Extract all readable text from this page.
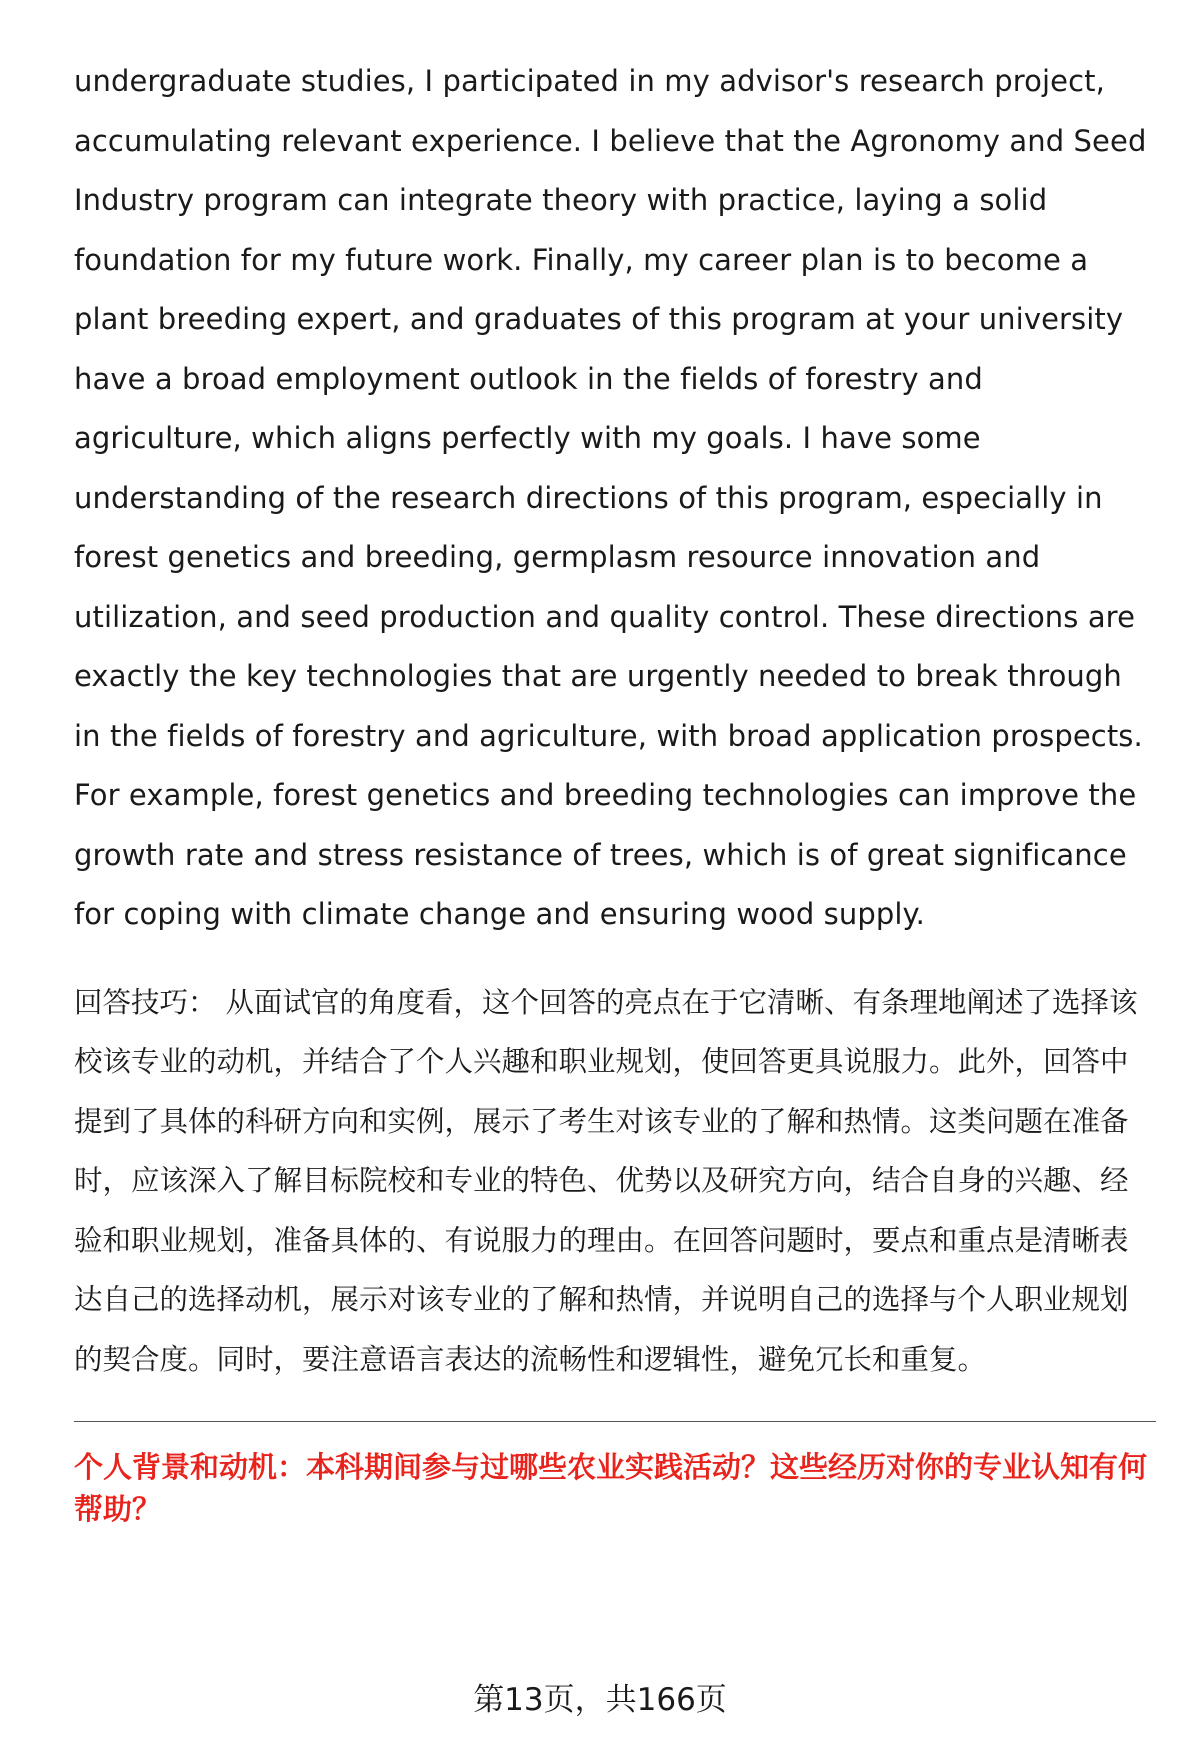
undergraduate studies, I participated in my advisor's research project, accumulating relevant experience. I believe that the Agronomy and Seed Industry program can integrate theory with practice, laying a solid foundation for my future work. Finally, my career plan is to become a plant breeding expert, and graduates of this program at your university have a broad employment outlook in the fields of forestry and agriculture, which aligns perfectly with my goals. I have some understanding of the research directions of this program, especially in forest genetics and breeding, germplasm resource innovation and utilization, and seed production and quality control. These directions are exactly the key technologies that are urgently needed to break through in the fields of forestry and agriculture, with broad application prospects. For example, forest genetics and breeding technologies can improve the growth rate and stress resistance of trees, which is of great significance for coping with climate change and ensuring wood supply.

回答技巧： 从面试官的角度看，这个回答的亮点在于它清晰、有条理地阐述了选择该校该专业的动机，并结合了个人兴趣和职业规划，使回答更具说服力。此外，回答中提到了具体的科研方向和实例，展示了考生对该专业的了解和热情。这类问题在准备时，应该深入了解目标院校和专业的特色、优势以及研究方向，结合自身的兴趣、经验和职业规划，准备具体的、有说服力的理由。在回答问题时，要点和重点是清晰表达自己的选择动机，展示对该专业的了解和热情，并说明自己的选择与个人职业规划的契合度。同时，要注意语言表达的流畅性和逻辑性，避免冗长和重复。

个人背景和动机：本科期间参与过哪些农业实践活动？这些经历对你的专业认知有何帮助？

第13页，共166页
